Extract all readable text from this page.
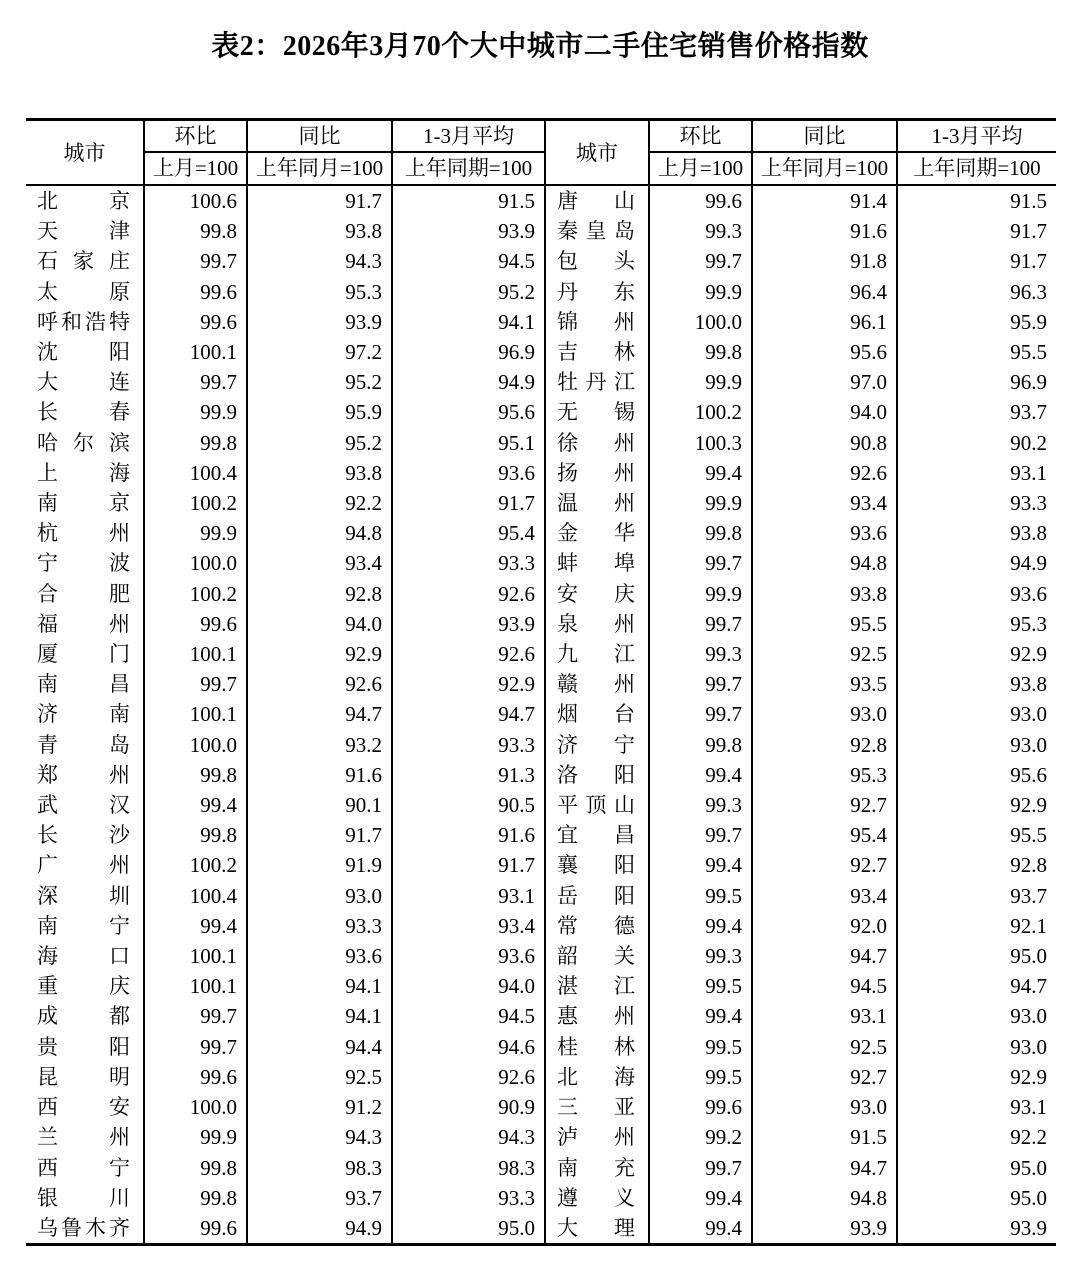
表2：2026年3月70个大中城市二手住宅销售价格指数
城市	环比	同比	1-3月平均	城市	环比	同比	1-3月平均
	上月=100	上年同月=100	上年同期=100		上月=100	上年同月=100	上年同期=100

北 京	100.6	91.7	91.5	唐 山	99.6	91.4	91.5

天 津	99.8	93.8	93.9	秦 皇 岛	99.3	91.6	91.7

石 家 庄	99.7	94.3	94.5	包 头	99.7	91.8	91.7

太 原	99.6	95.3	95.2	丹 东	99.9	96.4	96.3

呼 和 浩 特	99.6	93.9	94.1	锦 州	100.0	96.1	95.9

沈 阳	100.1	97.2	96.9	吉 林	99.8	95.6	95.5

大 连	99.7	95.2	94.9	牡 丹 江	99.9	97.0	96.9

长 春	99.9	95.9	95.6	无 锡	100.2	94.0	93.7

哈 尔 滨	99.8	95.2	95.1	徐 州	100.3	90.8	90.2

上 海	100.4	93.8	93.6	扬 州	99.4	92.6	93.1

南 京	100.2	92.2	91.7	温 州	99.9	93.4	93.3

杭 州	99.9	94.8	95.4	金 华	99.8	93.6	93.8

宁 波	100.0	93.4	93.3	蚌 埠	99.7	94.8	94.9

合 肥	100.2	92.8	92.6	安 庆	99.9	93.8	93.6

福 州	99.6	94.0	93.9	泉 州	99.7	95.5	95.3

厦 门	100.1	92.9	92.6	九 江	99.3	92.5	92.9

南 昌	99.7	92.6	92.9	赣 州	99.7	93.5	93.8

济 南	100.1	94.7	94.7	烟 台	99.7	93.0	93.0

青 岛	100.0	93.2	93.3	济 宁	99.8	92.8	93.0

郑 州	99.8	91.6	91.3	洛 阳	99.4	95.3	95.6

武 汉	99.4	90.1	90.5	平 顶 山	99.3	92.7	92.9

长 沙	99.8	91.7	91.6	宜 昌	99.7	95.4	95.5

广 州	100.2	91.9	91.7	襄 阳	99.4	92.7	92.8

深 圳	100.4	93.0	93.1	岳 阳	99.5	93.4	93.7

南 宁	99.4	93.3	93.4	常 德	99.4	92.0	92.1

海 口	100.1	93.6	93.6	韶 关	99.3	94.7	95.0

重 庆	100.1	94.1	94.0	湛 江	99.5	94.5	94.7

成 都	99.7	94.1	94.5	惠 州	99.4	93.1	93.0

贵 阳	99.7	94.4	94.6	桂 林	99.5	92.5	93.0

昆 明	99.6	92.5	92.6	北 海	99.5	92.7	92.9

西 安	100.0	91.2	90.9	三 亚	99.6	93.0	93.1

兰 州	99.9	94.3	94.3	泸 州	99.2	91.5	92.2

西 宁	99.8	98.3	98.3	南 充	99.7	94.7	95.0

银 川	99.8	93.7	93.3	遵 义	99.4	94.8	95.0

乌 鲁 木 齐	99.6	94.9	95.0	大 理	99.4	93.9	93.9
